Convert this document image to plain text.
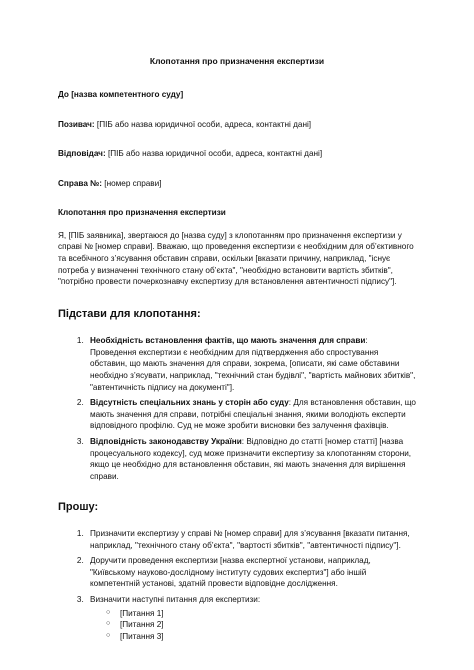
Клопотання про призначення експертизи
До [назва компетентного суду]
Позивач: [ПІБ або назва юридичної особи, адреса, контактні дані]
Відповідач: [ПІБ або назва юридичної особи, адреса, контактні дані]
Справа №: [номер справи]
Клопотання про призначення експертизи
Я, [ПІБ заявника], звертаюся до [назва суду] з клопотанням про призначення експертизи у справі № [номер справи]. Вважаю, що проведення експертизи є необхідним для об’єктивного та всебічного з’ясування обставин справи, оскільки [вказати причину, наприклад, "існує потреба у визначенні технічного стану об’єкта", "необхідно встановити вартість збитків", "потрібно провести почеркознавчу експертизу для встановлення автентичності підпису"].
Підстави для клопотання:
1. Необхідність встановлення фактів, що мають значення для справи: Проведення експертизи є необхідним для підтвердження або спростування обставин, що мають значення для справи, зокрема, [описати, які саме обставини необхідно з’ясувати, наприклад, "технічний стан будівлі", "вартість майнових збитків", "автентичність підпису на документі"].
2. Відсутність спеціальних знань у сторін або суду: Для встановлення обставин, що мають значення для справи, потрібні спеціальні знання, якими володіють експерти відповідного профілю. Суд не може зробити висновки без залучення фахівців.
3. Відповідність законодавству України: Відповідно до статті [номер статті] [назва процесуального кодексу], суд може призначити експертизу за клопотанням сторони, якщо це необхідно для встановлення обставин, які мають значення для вирішення справи.
Прошу:
1. Призначити експертизу у справі № [номер справи] для з’ясування [вказати питання, наприклад, "технічного стану об’єкта", "вартості збитків", "автентичності підпису"].
2. Доручити проведення експертизи [назва експертної установи, наприклад, "Київському науково-дослідному інституту судових експертиз"] або іншій компетентній установі, здатній провести відповідне дослідження.
3. Визначити наступні питання для експертизи:
○ [Питання 1]
○ [Питання 2]
○ [Питання 3]
